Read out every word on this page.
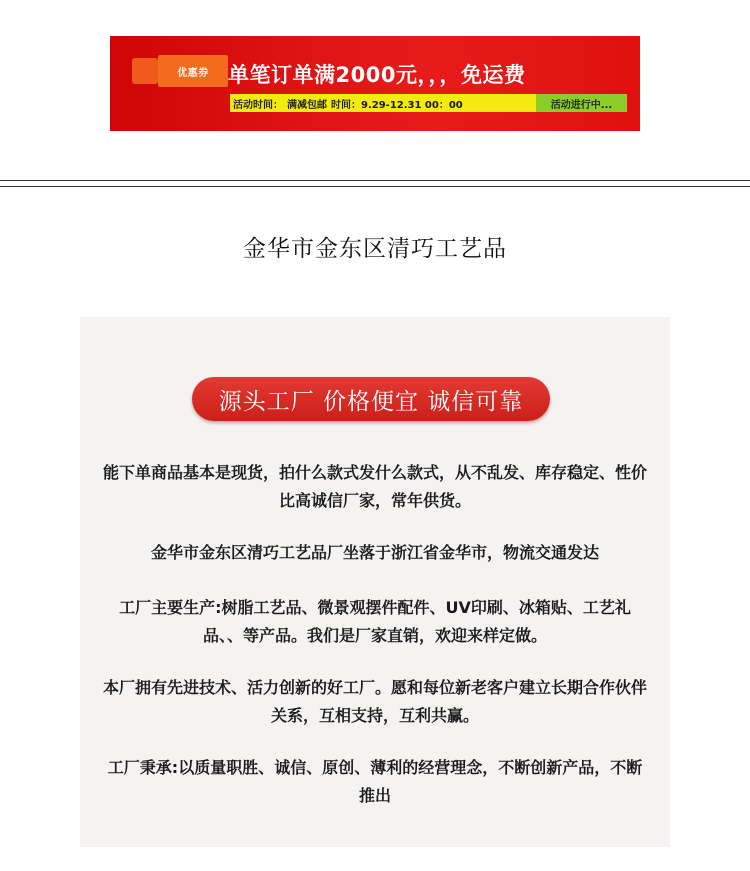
优惠券 单笔订单满2000元，，，免运费
活动时间： 满减包邮 时间： 9.29-12.31 00：00	活动进行中...
金华市金东区清巧工艺品
源头工厂 价格便宜 诚信可靠
能下单商品基本是现货，拍什么款式发什么款式，从不乱发、库存稳定、性价比高诚信厂家，常年供货。
金华市金东区清巧工艺品厂坐落于浙江省金华市，物流交通发达
工厂主要生产:树脂工艺品、微景观摆件配件、UV印刷、冰箱贴、工艺礼品、、等产品。我们是厂家直销，欢迎来样定做。
本厂拥有先进技术、活力创新的好工厂。愿和每位新老客户建立长期合作伙伴关系，互相支持，互利共赢。
工厂秉承:以质量职胜、诚信、原创、薄利的经营理念，不断创新产品，不断推出
